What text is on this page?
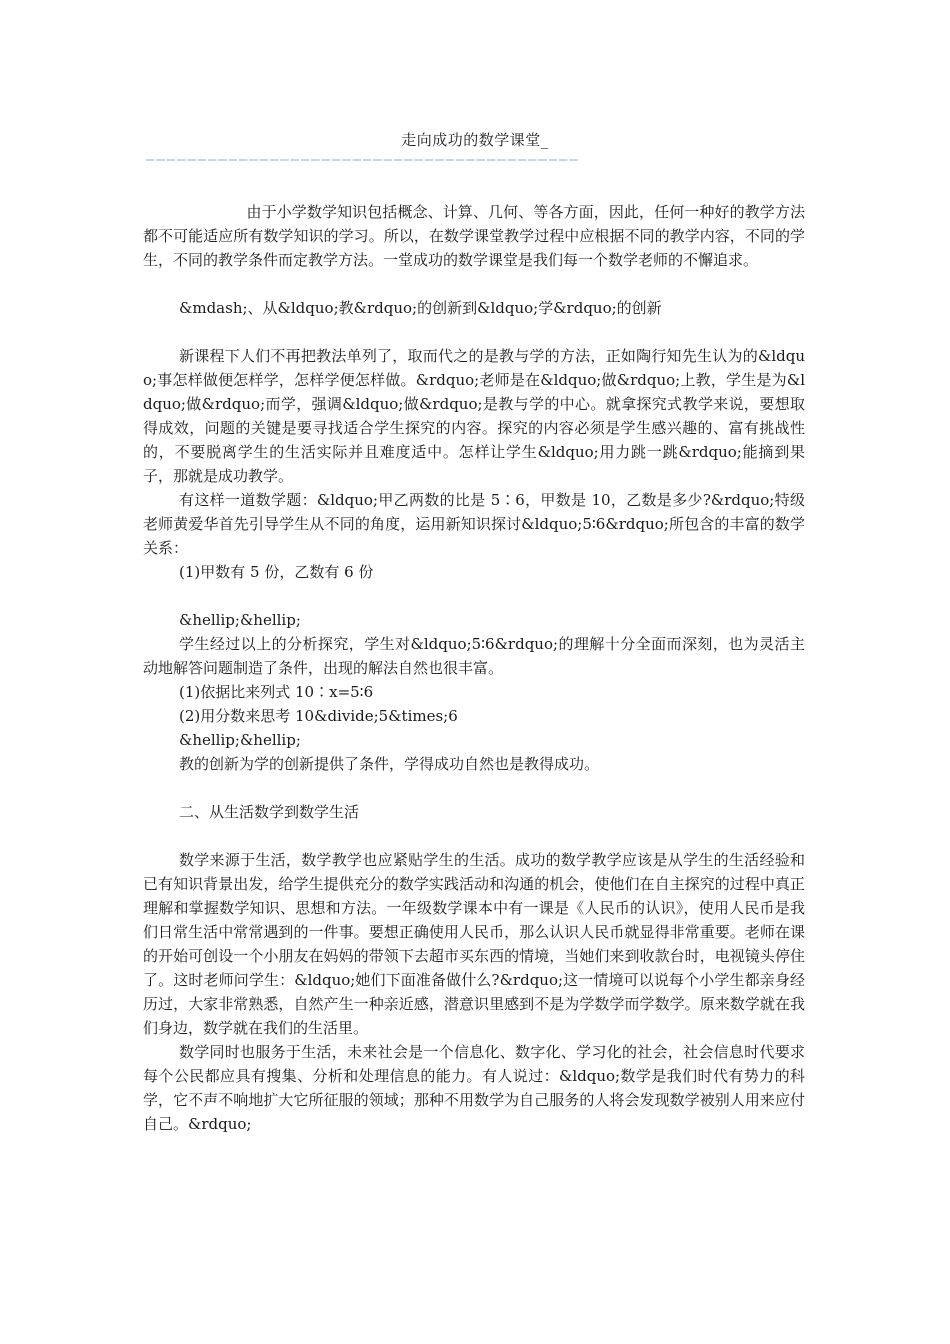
走向成功的数学课堂_
——————————————————————————————————————————

由于小学数学知识包括概念、计算、几何、等各方面，因此，任何一种好的教学方法都不可能适应所有数学知识的学习。所以，在数学课堂教学过程中应根据不同的教学内容，不同的学生，不同的教学条件而定教学方法。一堂成功的数学课堂是我们每一个数学老师的不懈追求。

&mdash;、从&ldquo;教&rdquo;的创新到&ldquo;学&rdquo;的创新

新课程下人们不再把教法单列了，取而代之的是教与学的方法，正如陶行知先生认为的&ldquo;事怎样做便怎样学，怎样学便怎样做。&rdquo;老师是在&ldquo;做&rdquo;上教，学生是为&ldquo;做&rdquo;而学，强调&ldquo;做&rdquo;是教与学的中心。就拿探究式教学来说，要想取得成效，问题的关键是要寻找适合学生探究的内容。探究的内容必须是学生感兴趣的、富有挑战性的，不要脱离学生的生活实际并且难度适中。怎样让学生&ldquo;用力跳一跳&rdquo;能摘到果子，那就是成功教学。

有这样一道数学题：&ldquo;甲乙两数的比是 5∶6，甲数是 10，乙数是多少?&rdquo;特级老师黄爱华首先引导学生从不同的角度，运用新知识探讨&ldquo;5∶6&rdquo;所包含的丰富的数学关系：

(1)甲数有 5 份，乙数有 6 份

&hellip;&hellip;

学生经过以上的分析探究，学生对&ldquo;5∶6&rdquo;的理解十分全面而深刻，也为灵活主动地解答问题制造了条件，出现的解法自然也很丰富。

(1)依据比来列式 10∶x=5∶6

(2)用分数来思考 10&divide;5&times;6

&hellip;&hellip;

教的创新为学的创新提供了条件，学得成功自然也是教得成功。

二、从生活数学到数学生活

数学来源于生活，数学教学也应紧贴学生的生活。成功的数学教学应该是从学生的生活经验和已有知识背景出发，给学生提供充分的数学实践活动和沟通的机会，使他们在自主探究的过程中真正理解和掌握数学知识、思想和方法。一年级数学课本中有一课是《人民币的认识》，使用人民币是我们日常生活中常常遇到的一件事。要想正确使用人民币，那么认识人民币就显得非常重要。老师在课的开始可创设一个小朋友在妈妈的带领下去超市买东西的情境，当她们来到收款台时，电视镜头停住了。这时老师问学生：&ldquo;她们下面准备做什么?&rdquo;这一情境可以说每个小学生都亲身经历过，大家非常熟悉，自然产生一种亲近感，潜意识里感到不是为学数学而学数学。原来数学就在我们身边，数学就在我们的生活里。

数学同时也服务于生活，未来社会是一个信息化、数字化、学习化的社会，社会信息时代要求每个公民都应具有搜集、分析和处理信息的能力。有人说过：&ldquo;数学是我们时代有势力的科学，它不声不响地扩大它所征服的领域；那种不用数学为自己服务的人将会发现数学被别人用来应付自己。&rdquo;
